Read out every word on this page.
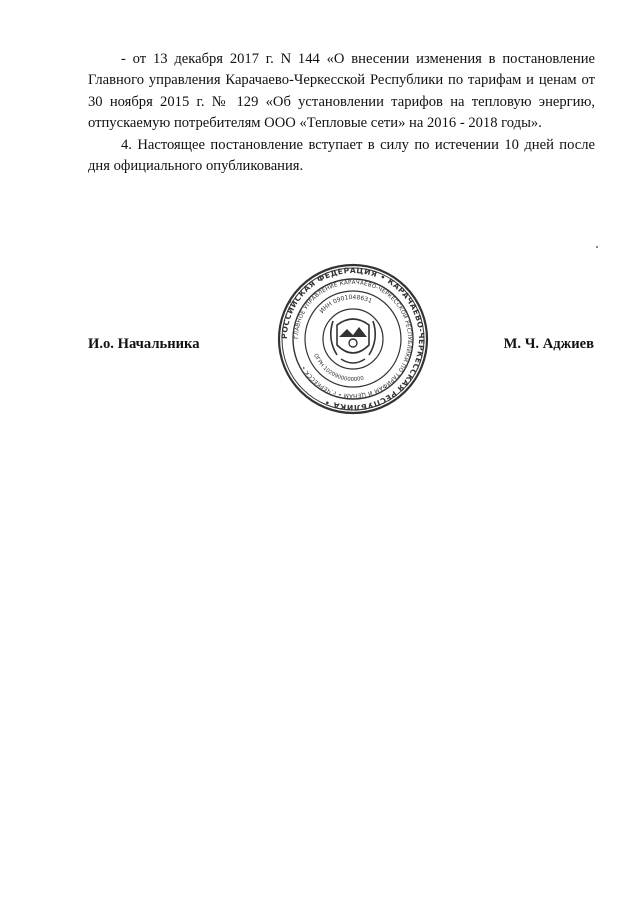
- от 13 декабря 2017 г. N 144 «О внесении изменения в постановление Главного управления Карачаево-Черкесской Республики по тарифам и ценам от 30 ноября 2015 г. № 129 «Об установлении тарифов на тепловую энергию, отпускаемую потребителям ООО «Тепловые сети» на 2016 - 2018 годы».

4. Настоящее постановление вступает в силу по истечении 10 дней после дня официального опубликования.

И.о. Начальника

РОССИЙСКАЯ ФЕДЕРАЦИЯ • КАРАЧАЕВО-ЧЕРКЕССКАЯ РЕСПУБЛИКА •
ГЛАВНОЕ УПРАВЛЕНИЕ КАРАЧАЕВО-ЧЕРКЕССКОЙ РЕСПУБЛИКИ ПО ТАРИФАМ И ЦЕНАМ • г.ЧЕРКЕССК •
ИНН 0901048631
ОГРН 1020900000000

М. Ч. Аджиев
